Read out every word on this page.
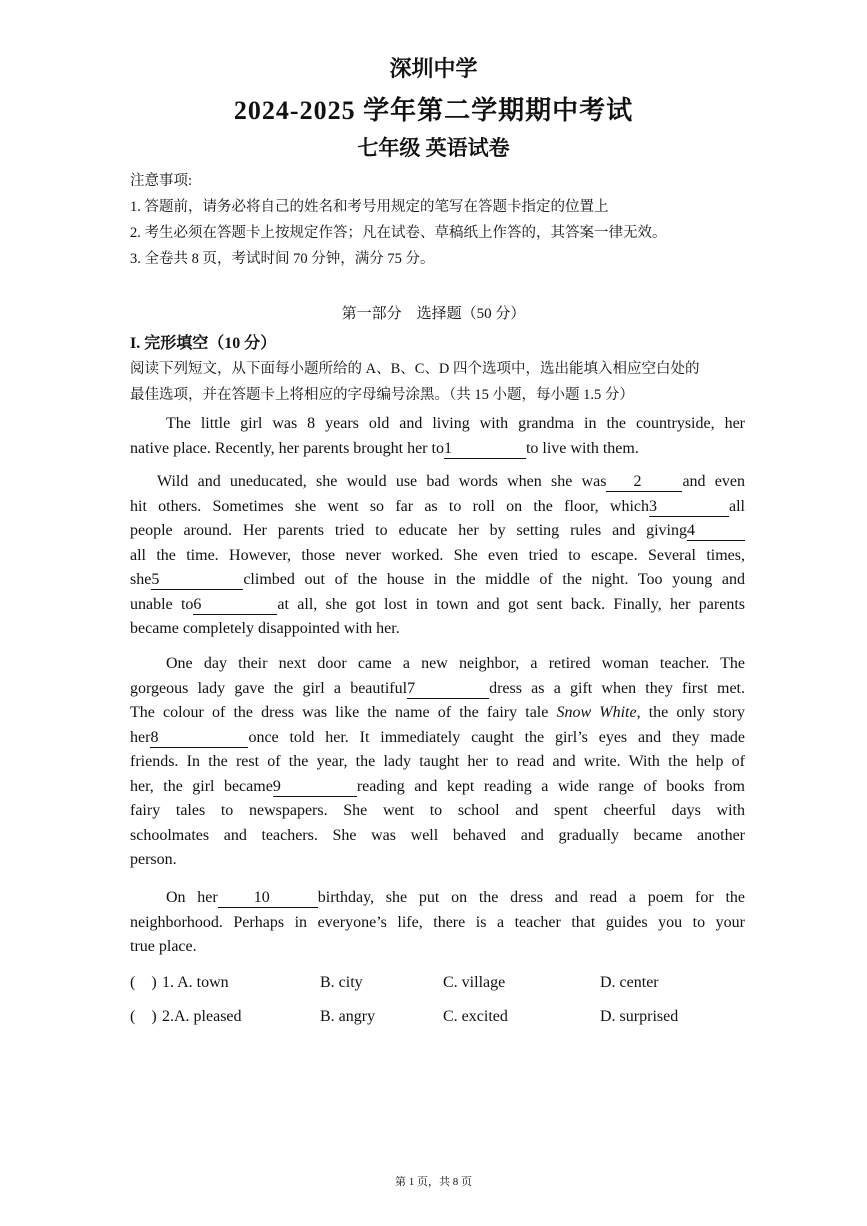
深圳中学
2024-2025 学年第二学期期中考试
七年级 英语试卷
注意事项:
1. 答题前，请务必将自己的姓名和考号用规定的笔写在答题卡指定的位置上
2. 考生必须在答题卡上按规定作答；凡在试卷、草稿纸上作答的，其答案一律无效。
3. 全卷共 8 页，考试时间 70 分钟，满分 75 分。
第一部分　选择题（50 分）
I. 完形填空（10 分）
阅读下列短文，从下面每小题所给的 A、B、C、D 四个选项中，选出能填入相应空白处的
最佳选项，并在答题卡上将相应的字母编号涂黑。（共 15 小题，每小题 1.5 分）
The little girl was 8 years old and living with grandma in the countryside, her
native place. Recently, her parents brought her to1	to live with them.
Wild and uneducated, she would use bad words when she was 2	and even
hit others. Sometimes she went so far as to roll on the floor, which3	all
people around. Her parents tried to educate her by setting rules and giving4
all the time. However, those never worked. She even tried to escape. Several times,
she5	climbed out of the house in the middle of the night. Too young and
unable to6	at all, she got lost in town and got sent back. Finally, her parents
became completely disappointed with her.
One day their next door came a new neighbor, a retired woman teacher. The
gorgeous lady gave the girl a beautiful7	dress as a gift when they first met.
The colour of the dress was like the name of the fairy tale Snow White, the only story
her8	once told her. It immediately caught the girl’s eyes and they made
friends. In the rest of the year, the lady taught her to read and write. With the help of
her, the girl became9	reading and kept reading a wide range of books from
fairy tales to newspapers. She went to school and spent cheerful days with
schoolmates and teachers. She was well behaved and gradually became another
person.
On her 10	birthday, she put on the dress and read a poem for the
neighborhood. Perhaps in everyone’s life, there is a teacher that guides you to your
true place.
(　) 1. A. town	B. city	C. village	D. center
(　) 2.A. pleased	B. angry	C. excited	D. surprised
第 1 页，共 8 页
